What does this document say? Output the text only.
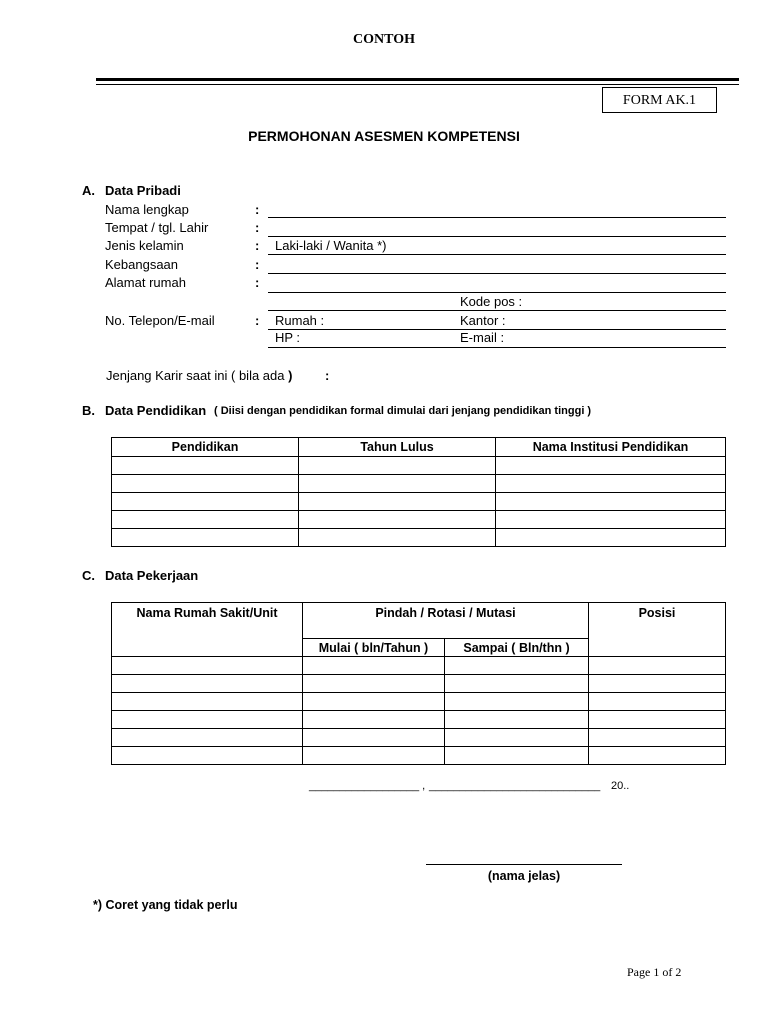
CONTOH
FORM AK.1
PERMOHONAN ASESMEN KOMPETENSI
A. Data Pribadi
Nama lengkap	:
Tempat / tgl. Lahir	:
Jenis kelamin	: Laki-laki / Wanita *)
Kebangsaan	:
Alamat rumah	:
Kode pos :
No. Telepon/E-mail	: Rumah :	Kantor :
HP :	E-mail :
Jenjang Karir saat ini ( bila ada )	:
B. Data Pendidikan ( Diisi dengan pendidikan formal dimulai dari jenjang pendidikan tinggi )
Pendidikan	Tahun Lulus	Nama Institusi Pendidikan

C. Data Pekerjaan
Nama Rumah Sakit/Unit	Pindah / Rotasi / Mutasi		Posisi
	Mulai ( bln/Tahun )	Sampai ( Bln/thn )	

__________________ , ____________________________ 20..
(nama jelas)
*) Coret yang tidak perlu
Page 1 of 2
